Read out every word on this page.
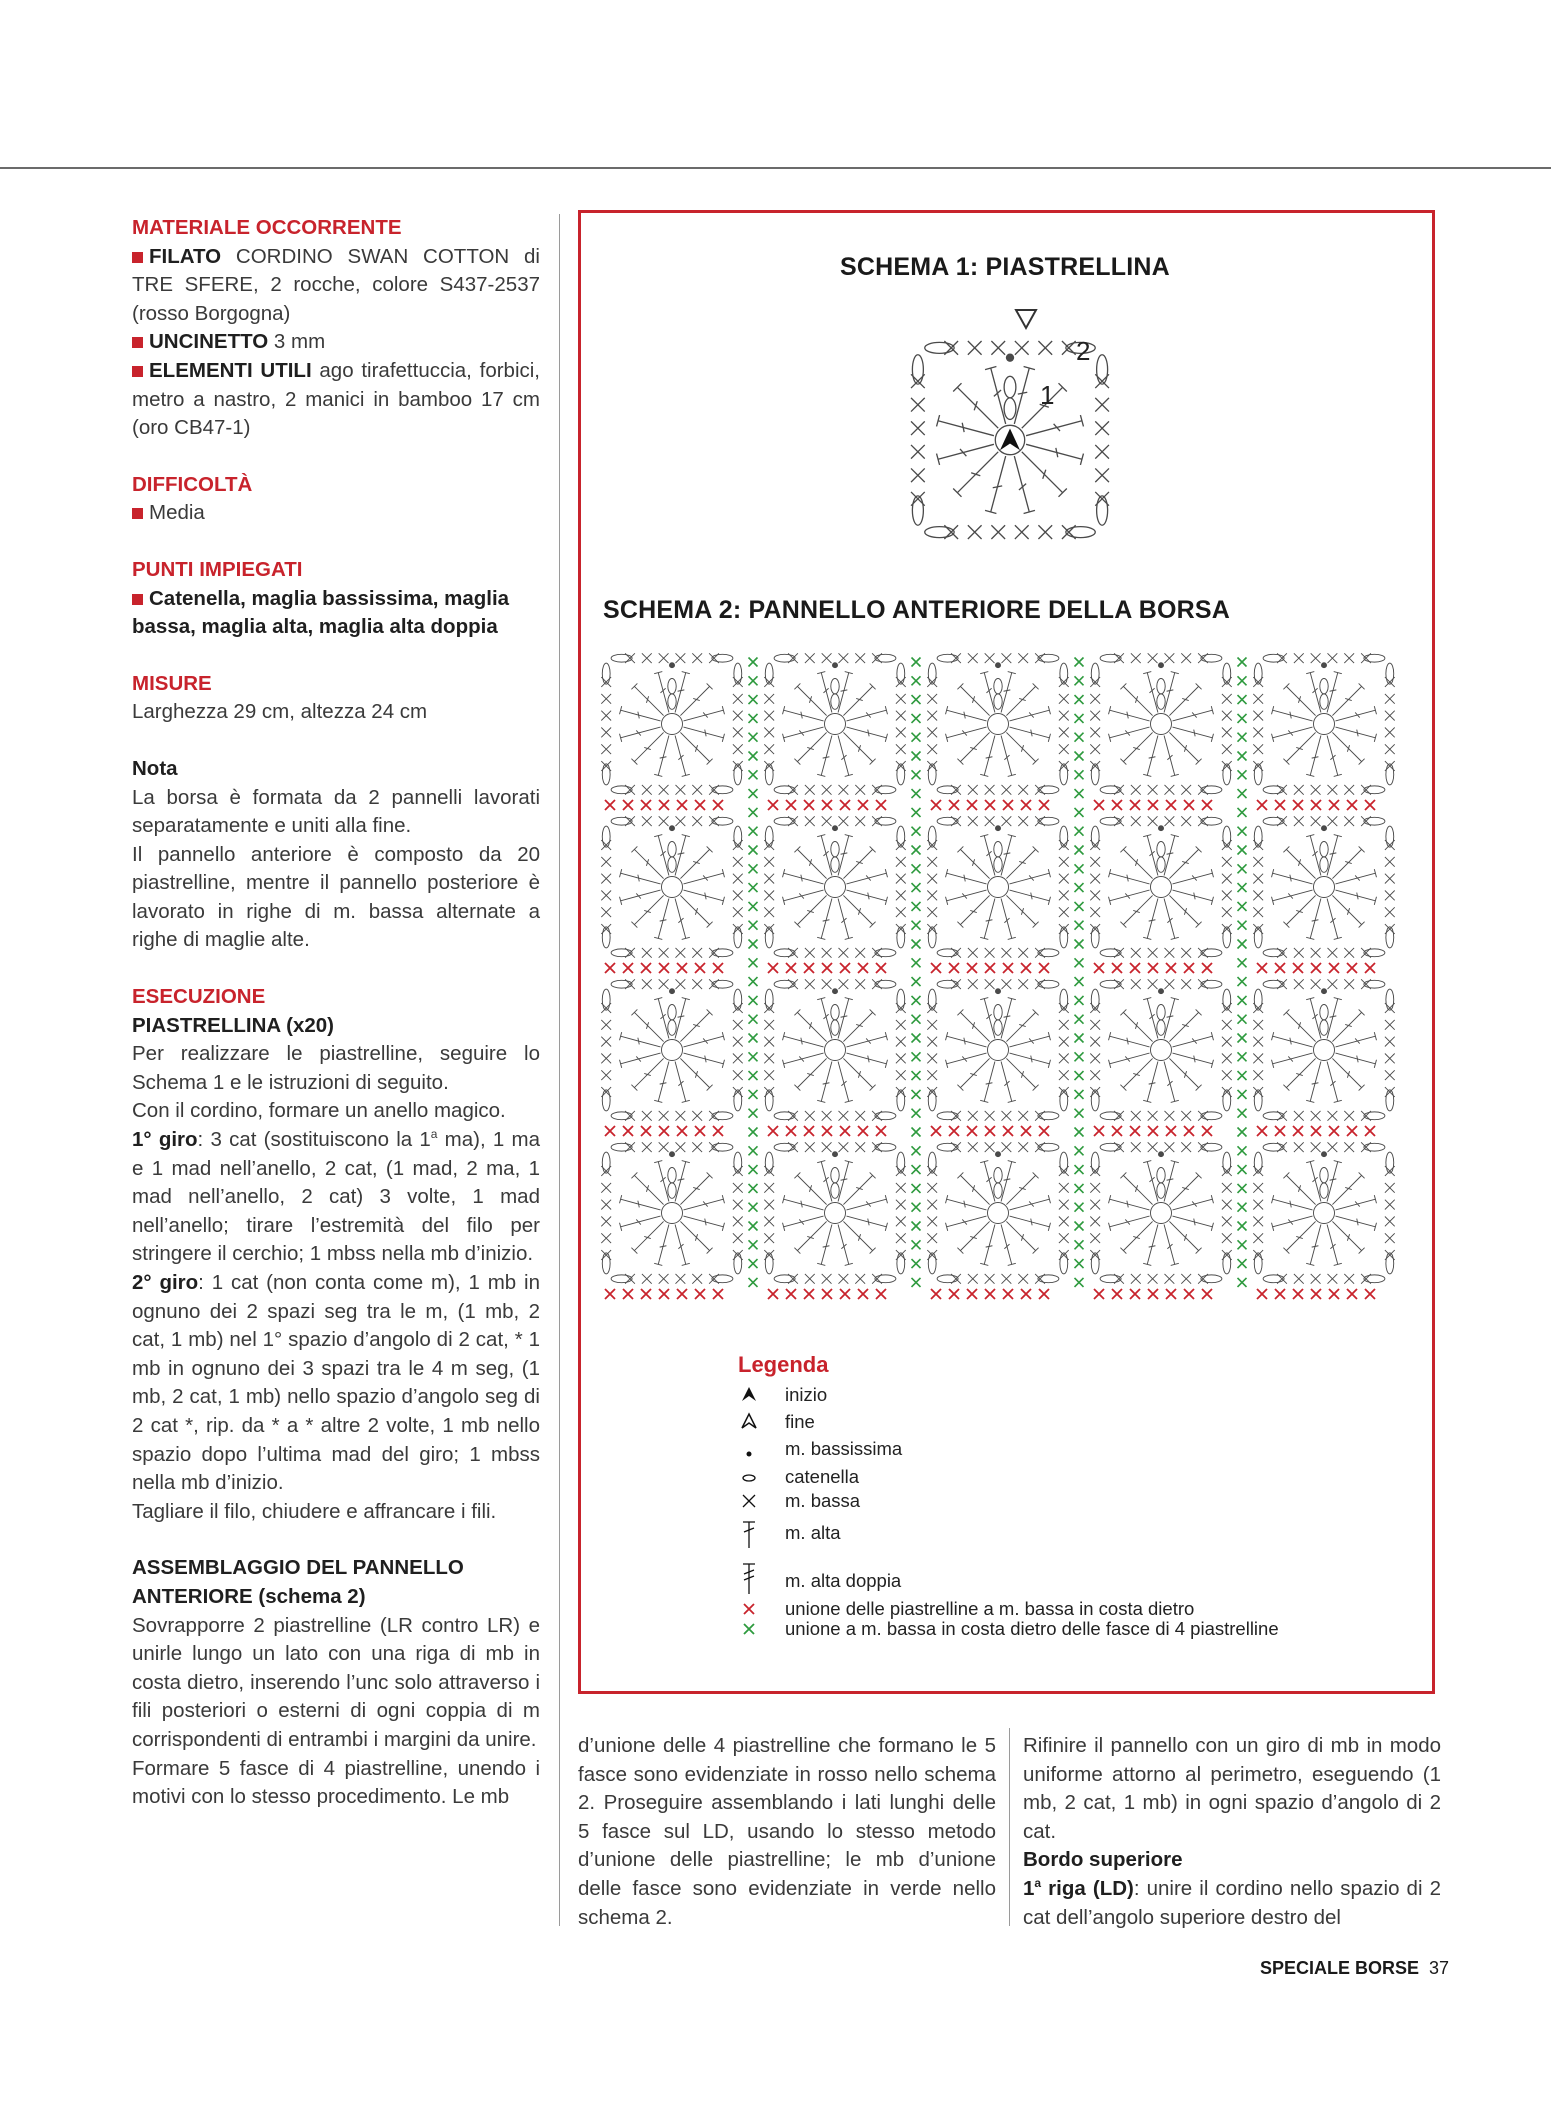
MATERIALE OCCORRENTE
FILATO CORDINO SWAN COTTON di TRE SFERE, 2 rocche, colore S437-2537 (rosso Borgogna)
UNCINETTO 3 mm
ELEMENTI UTILI ago tirafettuccia, forbici, metro a nastro, 2 manici in bamboo 17 cm (oro CB47-1)
DIFFICOLTÀ
Media
PUNTI IMPIEGATI
Catenella, maglia bassissima, maglia bassa, maglia alta, maglia alta doppia
MISURE
Larghezza 29 cm, altezza 24 cm
Nota
La borsa è formata da 2 pannelli lavorati separatamente e uniti alla fine.
Il pannello anteriore è composto da 20 piastrelline, mentre il pannello posteriore è lavorato in righe di m. bassa alternate a righe di maglie alte.
ESECUZIONE
PIASTRELLINA (x20)
Per realizzare le piastrelline, seguire lo Schema 1 e le istruzioni di seguito.
Con il cordino, formare un anello magico.
1° giro: 3 cat (sostituiscono la 1$^a$ ma), 1 ma e 1 mad nell’anello, 2 cat, (1 mad, 2 ma, 1 mad nell’anello, 2 cat) 3 volte, 1 mad nell’anello; tirare l’estremità del filo per stringere il cerchio; 1 mbss nella mb d’inizio.
2° giro: 1 cat (non conta come m), 1 mb in ognuno dei 2 spazi seg tra le m, (1 mb, 2 cat, 1 mb) nel 1° spazio d’angolo di 2 cat, * 1 mb in ognuno dei 3 spazi tra le 4 m seg, (1 mb, 2 cat, 1 mb) nello spazio d’angolo seg di 2 cat *, rip. da * a * altre 2 volte, 1 mb nello spazio dopo l’ultima mad del giro; 1 mbss nella mb d’inizio.
Tagliare il filo, chiudere e affrancare i fili.
ASSEMBLAGGIO DEL PANNELLO
ANTERIORE (schema 2)
Sovrapporre 2 piastrelline (LR contro LR) e unirle lungo un lato con una riga di mb in costa dietro, inserendo l’unc solo attraverso i fili posteriori o esterni di ogni coppia di m corrispondenti di entrambi i margini da unire.
Formare 5 fasce di 4 piastrelline, unendo i motivi con lo stesso procedimento. Le mb
SCHEMA 1: PIASTRELLINA
1
2
SCHEMA 2: PANNELLO ANTERIORE DELLA BORSA
Legenda
inizio
fine
m. bassissima
catenella
m. bassa
m. alta
m. alta doppia
unione delle piastrelline a m. bassa in costa dietro
unione a m. bassa in costa dietro delle fasce di 4 piastrelline
d’unione delle 4 piastrelline che formano le 5 fasce sono evidenziate in rosso nello schema 2. Proseguire assemblando i lati lunghi delle 5 fasce sul LD, usando lo stesso metodo d’unione delle piastrelline; le mb d’unione delle fasce sono evidenziate in verde nello schema 2.
Rifinire il pannello con un giro di mb in modo uniforme attorno al perimetro, eseguendo (1 mb, 2 cat, 1 mb) in ogni spazio d’angolo di 2 cat.
Bordo superiore
1$^a$ riga (LD): unire il cordino nello spazio di 2 cat dell’angolo superiore destro del
SPECIALE BORSE 37
